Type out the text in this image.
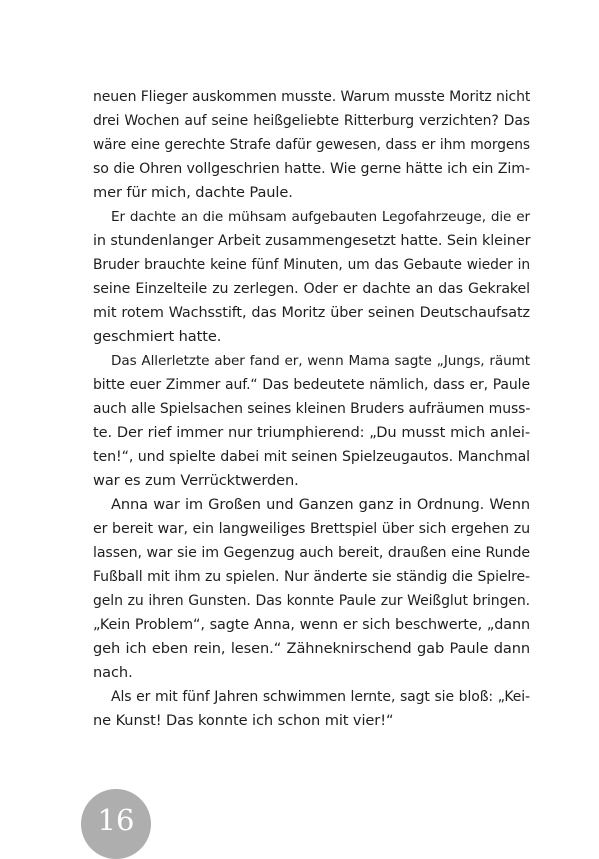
neuen Flieger auskommen musste. Warum musste Moritz nicht
drei Wochen auf seine heißgeliebte Ritterburg verzichten? Das
wäre eine gerechte Strafe dafür gewesen, dass er ihm morgens
so die Ohren vollgeschrien hatte. Wie gerne hätte ich ein Zim-
mer für mich, dachte Paule.
Er dachte an die mühsam aufgebauten Legofahrzeuge, die er
in stundenlanger Arbeit zusammengesetzt hatte. Sein kleiner
Bruder brauchte keine fünf Minuten, um das Gebaute wieder in
seine Einzelteile zu zerlegen. Oder er dachte an das Gekrakel
mit rotem Wachsstift, das Moritz über seinen Deutschaufsatz
geschmiert hatte.
Das Allerletzte aber fand er, wenn Mama sagte „Jungs, räumt
bitte euer Zimmer auf.“ Das bedeutete nämlich, dass er, Paule
auch alle Spielsachen seines kleinen Bruders aufräumen muss-
te. Der rief immer nur triumphierend: „Du musst mich anlei-
ten!“, und spielte dabei mit seinen Spielzeugautos. Manchmal
war es zum Verrücktwerden.
Anna war im Großen und Ganzen ganz in Ordnung. Wenn
er bereit war, ein langweiliges Brettspiel über sich ergehen zu
lassen, war sie im Gegenzug auch bereit, draußen eine Runde
Fußball mit ihm zu spielen. Nur änderte sie ständig die Spielre-
geln zu ihren Gunsten. Das konnte Paule zur Weißglut bringen.
„Kein Problem“, sagte Anna, wenn er sich beschwerte, „dann
geh ich eben rein, lesen.“ Zähneknirschend gab Paule dann
nach.
Als er mit fünf Jahren schwimmen lernte, sagt sie bloß: „Kei-
ne Kunst! Das konnte ich schon mit vier!“
16
